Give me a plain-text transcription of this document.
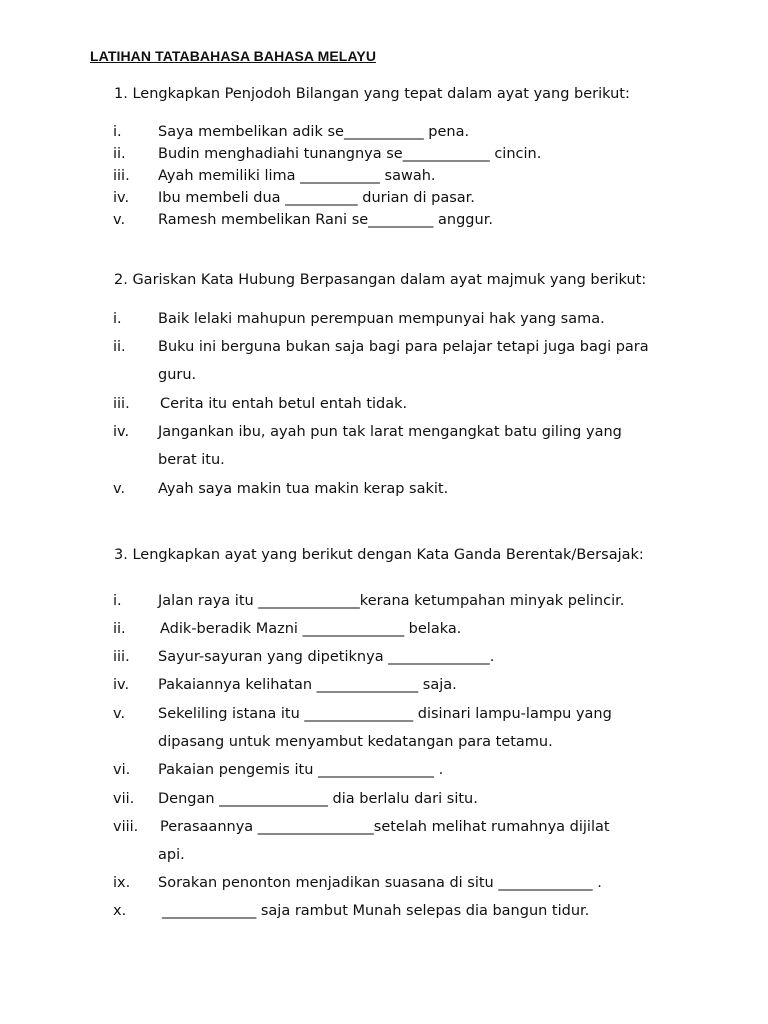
LATIHAN TATABAHASA BAHASA MELAYU
1. Lengkapkan Penjodoh Bilangan yang tepat dalam ayat yang berikut:
i.	Saya membelikan adik se___________ pena.
ii. Budin menghadiahi tunangnya se____________ cincin.
iii. Ayah memiliki lima ___________ sawah.
iv. Ibu membeli dua __________ durian di pasar.
v. Ramesh membelikan Rani se_________ anggur.
2. Gariskan Kata Hubung Berpasangan dalam ayat majmuk yang berikut:
i.	Baik lelaki mahupun perempuan mempunyai hak yang sama.
ii. Buku ini berguna bukan saja bagi para pelajar tetapi juga bagi para
guru.
iii. Cerita itu entah betul entah tidak.
iv. Jangankan ibu, ayah pun tak larat mengangkat batu giling yang
berat itu.
v. Ayah saya makin tua makin kerap sakit.
3. Lengkapkan ayat yang berikut dengan Kata Ganda Berentak/Bersajak:
i.	Jalan raya itu ______________kerana ketumpahan minyak pelincir.
ii. Adik-beradik Mazni ______________ belaka.
iii. Sayur-sayuran yang dipetiknya ______________.
iv. Pakaiannya kelihatan ______________ saja.
v. Sekeliling istana itu _______________ disinari lampu-lampu yang
dipasang untuk menyambut kedatangan para tetamu.
vi. Pakaian pengemis itu ________________ .
vii. Dengan _______________ dia berlalu dari situ.
viii. Perasaannya ________________setelah melihat rumahnya dijilat
api.
ix. Sorakan penonton menjadikan suasana di situ _____________ .
x. _____________ saja rambut Munah selepas dia bangun tidur.
